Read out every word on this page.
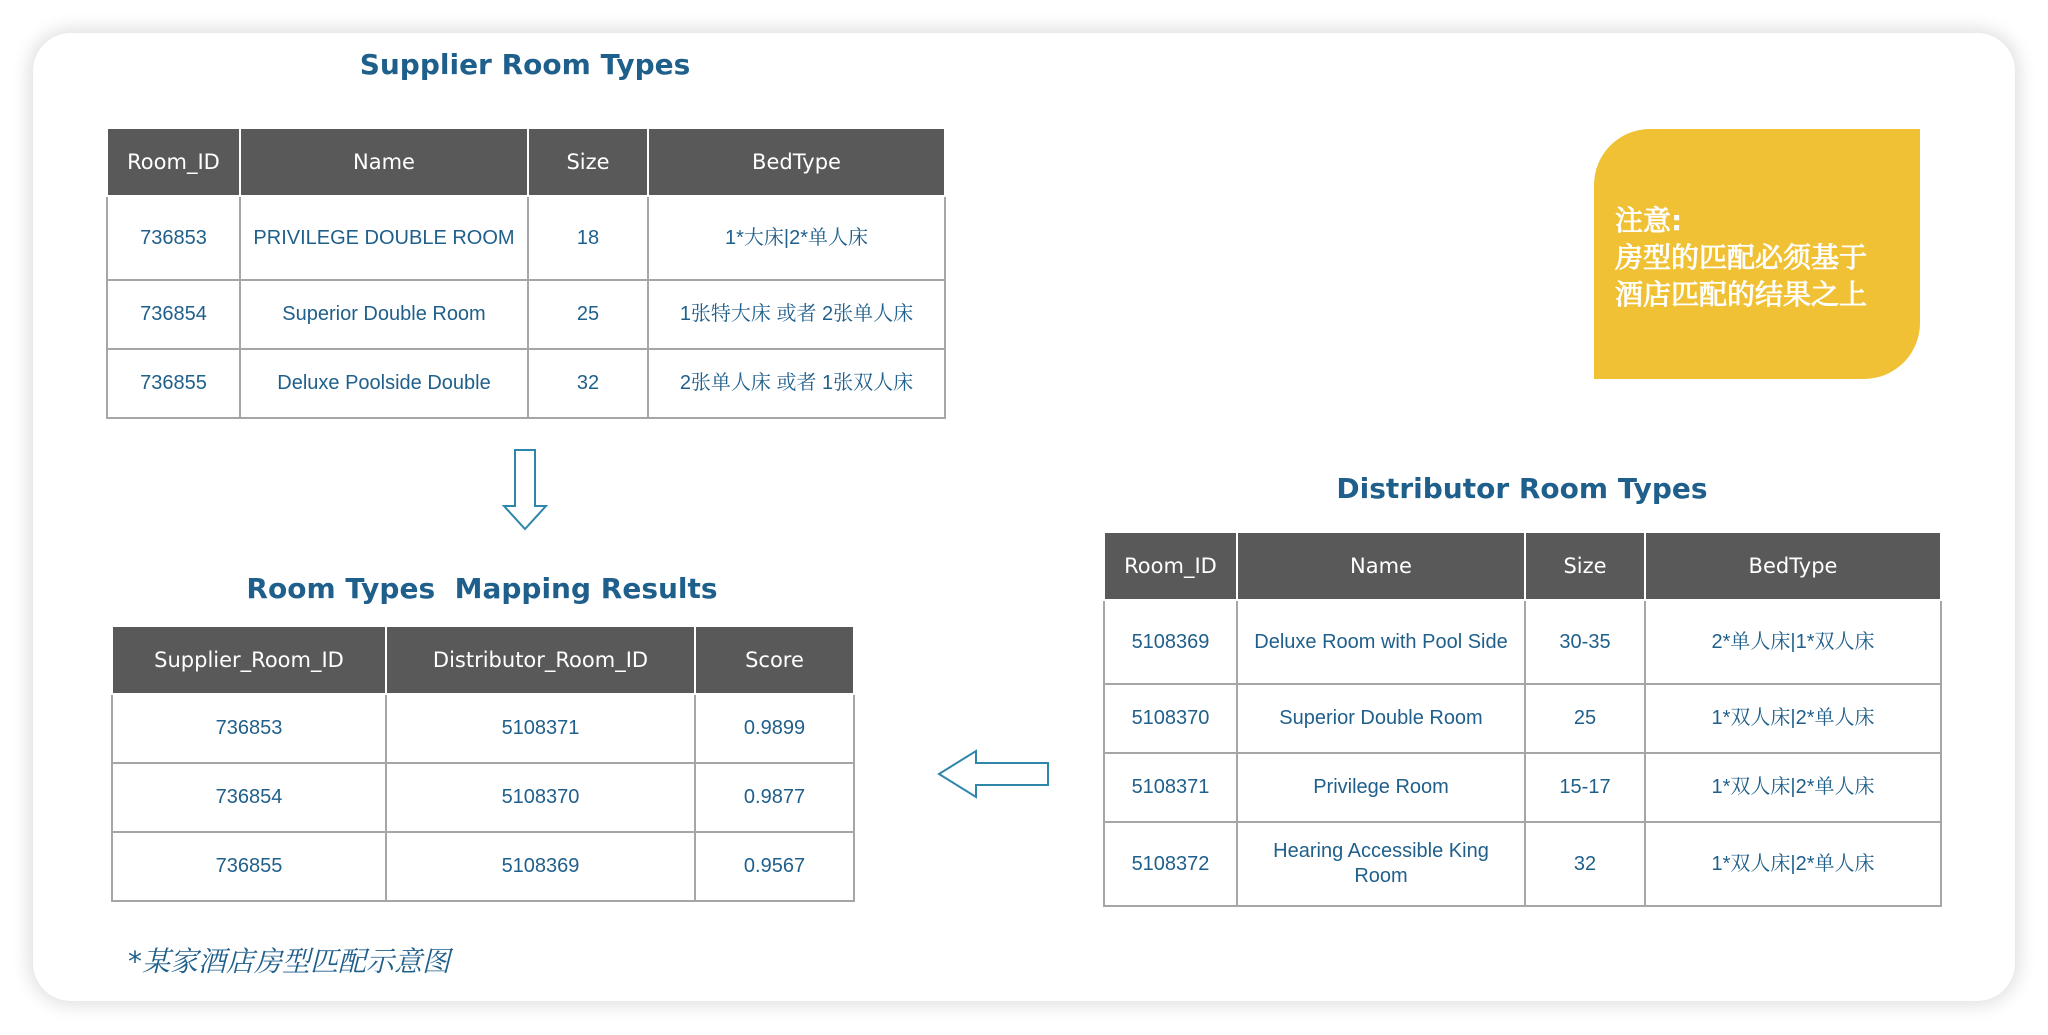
Supplier Room Types
Room_ID	Name	Size	BedType
736853	PRIVILEGE DOUBLE ROOM	18	1*大床|2*单人床
736854	Superior Double Room	25	1张特大床 或者 2张单人床
736855	Deluxe Poolside Double	32	2张单人床 或者 1张双人床
Room Types  Mapping Results
Supplier_Room_ID	Distributor_Room_ID	Score
736853	5108371	0.9899
736854	5108370	0.9877
736855	5108369	0.9567
Distributor Room Types
Room_ID	Name	Size	BedType
5108369	Deluxe Room with Pool Side	30-35	2*单人床|1*双人床
5108370	Superior Double Room	25	1*双人床|2*单人床
5108371	Privilege Room	15-17	1*双人床|2*单人床
5108372	Hearing Accessible King Room	32	1*双人床|2*单人床
注意:
房型的匹配必须基于
酒店匹配的结果之上
*某家酒店房型匹配示意图
